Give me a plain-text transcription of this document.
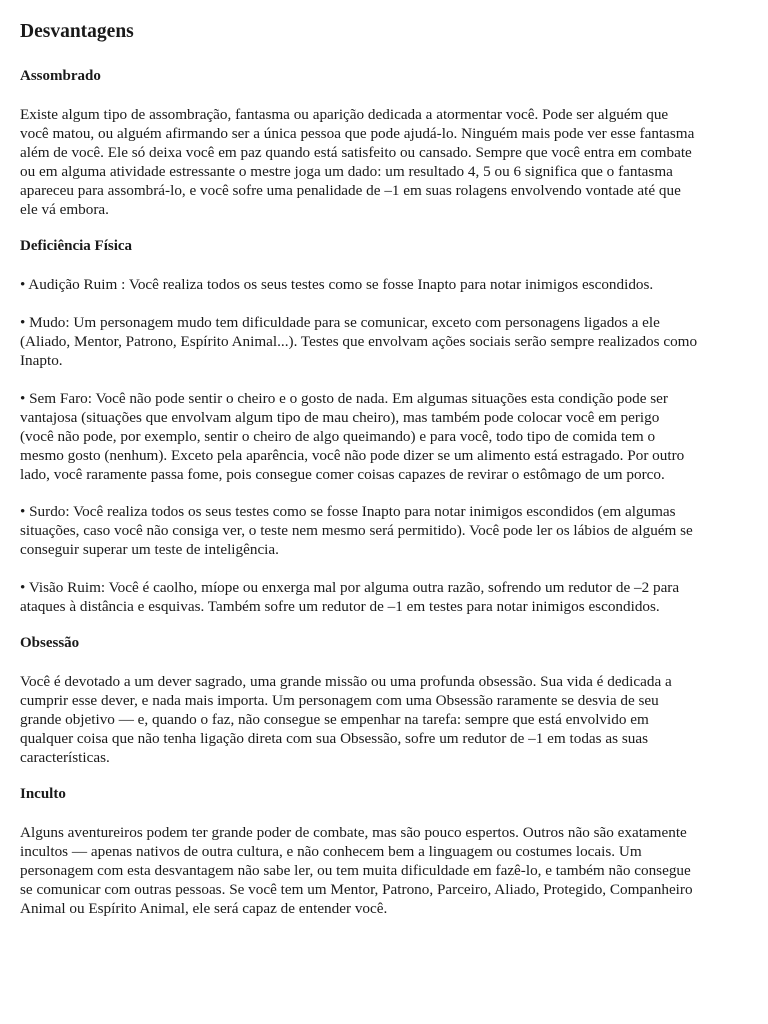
Desvantagens
Assombrado

Existe algum tipo de assombração, fantasma ou aparição dedicada a atormentar você. Pode ser alguém que
você matou, ou alguém afirmando ser a única pessoa que pode ajudá-lo. Ninguém mais pode ver esse fantasma
além de você. Ele só deixa você em paz quando está satisfeito ou cansado. Sempre que você entra em combate
ou em alguma atividade estressante o mestre joga um dado: um resultado 4, 5 ou 6 significa que o fantasma
apareceu para assombrá-lo, e você sofre uma penalidade de –1 em suas rolagens envolvendo vontade até que
ele vá embora.

Deficiência Física

• Audição Ruim : Você realiza todos os seus testes como se fosse Inapto para notar inimigos escondidos.

• Mudo: Um personagem mudo tem dificuldade para se comunicar, exceto com personagens ligados a ele
(Aliado, Mentor, Patrono, Espírito Animal...). Testes que envolvam ações sociais serão sempre realizados como
Inapto.

• Sem Faro: Você não pode sentir o cheiro e o gosto de nada. Em algumas situações esta condição pode ser
vantajosa (situações que envolvam algum tipo de mau cheiro), mas também pode colocar você em perigo
(você não pode, por exemplo, sentir o cheiro de algo queimando) e para você, todo tipo de comida tem o
mesmo gosto (nenhum). Exceto pela aparência, você não pode dizer se um alimento está estragado. Por outro
lado, você raramente passa fome, pois consegue comer coisas capazes de revirar o estômago de um porco.

• Surdo: Você realiza todos os seus testes como se fosse Inapto para notar inimigos escondidos (em algumas
situações, caso você não consiga ver, o teste nem mesmo será permitido). Você pode ler os lábios de alguém se
conseguir superar um teste de inteligência.

• Visão Ruim: Você é caolho, míope ou enxerga mal por alguma outra razão, sofrendo um redutor de –2 para
ataques à distância e esquivas. Também sofre um redutor de –1 em testes para notar inimigos escondidos.

Obsessão

Você é devotado a um dever sagrado, uma grande missão ou uma profunda obsessão. Sua vida é dedicada a
cumprir esse dever, e nada mais importa. Um personagem com uma Obsessão raramente se desvia de seu
grande objetivo — e, quando o faz, não consegue se empenhar na tarefa: sempre que está envolvido em
qualquer coisa que não tenha ligação direta com sua Obsessão, sofre um redutor de –1 em todas as suas
características.

Inculto

Alguns aventureiros podem ter grande poder de combate, mas são pouco espertos. Outros não são exatamente
incultos — apenas nativos de outra cultura, e não conhecem bem a linguagem ou costumes locais. Um
personagem com esta desvantagem não sabe ler, ou tem muita dificuldade em fazê-lo, e também não consegue
se comunicar com outras pessoas. Se você tem um Mentor, Patrono, Parceiro, Aliado, Protegido, Companheiro
Animal ou Espírito Animal, ele será capaz de entender você.
